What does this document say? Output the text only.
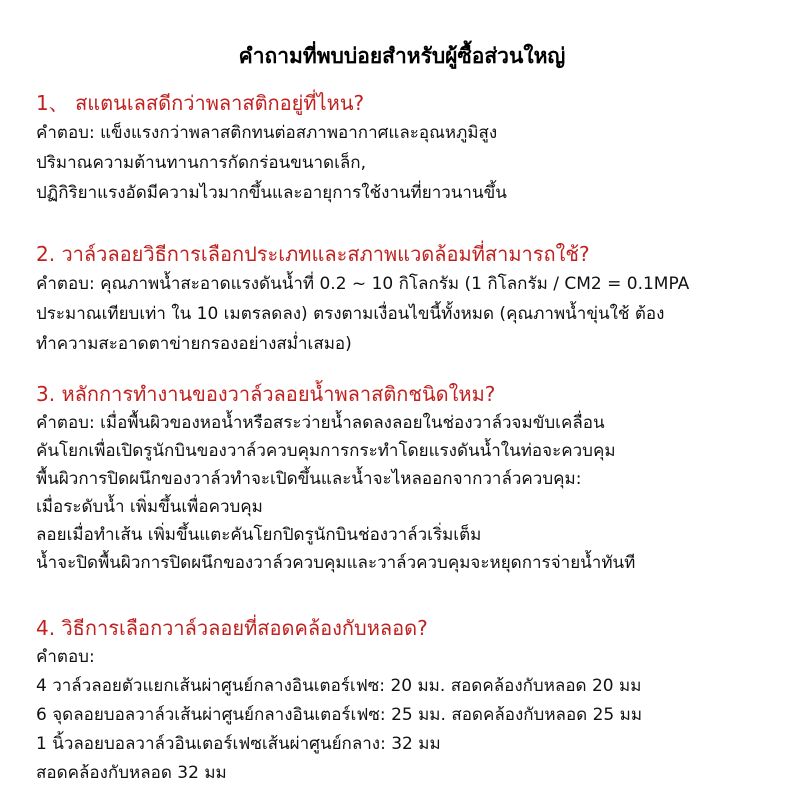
คำถามที่พบบ่อยสำหรับผู้ซื้อส่วนใหญ่
1、 สแตนเลสดีกว่าพลาสติกอยู่ที่ไหน?
คำตอบ: แข็งแรงกว่าพลาสติกทนต่อสภาพอากาศและอุณหภูมิสูง
ปริมาณความต้านทานการกัดกร่อนขนาดเล็ก,
ปฏิกิริยาแรงอัดมีความไวมากขึ้นและอายุการใช้งานที่ยาวนานขึ้น
2. วาล์วลอยวิธีการเลือกประเภทและสภาพแวดล้อมที่สามารถใช้?
คำตอบ: คุณภาพน้ำสะอาดแรงดันน้ำที่ 0.2 ~ 10 กิโลกรัม (1 กิโลกรัม / CM2 = 0.1MPA
ประมาณเทียบเท่า ใน 10 เมตรลดลง) ตรงตามเงื่อนไขนี้ทั้งหมด (คุณภาพน้ำขุ่นใช้ ต้อง
ทำความสะอาดตาข่ายกรองอย่างสม่ำเสมอ)
3. หลักการทำงานของวาล์วลอยน้ำพลาสติกชนิดใหม?
คำตอบ: เมื่อพื้นผิวของหอน้ำหรือสระว่ายน้ำลดลงลอยในช่องวาล์วจมขับเคลื่อน
คันโยกเพื่อเปิดรูนักบินของวาล์วควบคุมการกระทำโดยแรงดันน้ำในท่อจะควบคุม
พื้นผิวการปิดผนึกของวาล์วทำจะเปิดขึ้นและน้ำจะไหลออกจากวาล์วควบคุม:
เมื่อระดับน้ำ เพิ่มขึ้นเพื่อควบคุม
ลอยเมื่อทำเส้น เพิ่มขึ้นแตะคันโยกปิดรูนักบินช่องวาล์วเริ่มเต็ม
น้ำจะปิดพื้นผิวการปิดผนึกของวาล์วควบคุมและวาล์วควบคุมจะหยุดการจ่ายน้ำทันที
4. วิธีการเลือกวาล์วลอยที่สอดคล้องกับหลอด?
คำตอบ:
4 วาล์วลอยตัวแยกเส้นผ่าศูนย์กลางอินเตอร์เฟซ: 20 มม. สอดคล้องกับหลอด 20 มม
6 จุดลอยบอลวาล์วเส้นผ่าศูนย์กลางอินเตอร์เฟซ: 25 มม. สอดคล้องกับหลอด 25 มม
1 นิ้วลอยบอลวาล์วอินเตอร์เฟซเส้นผ่าศูนย์กลาง: 32 มม
สอดคล้องกับหลอด 32 มม
